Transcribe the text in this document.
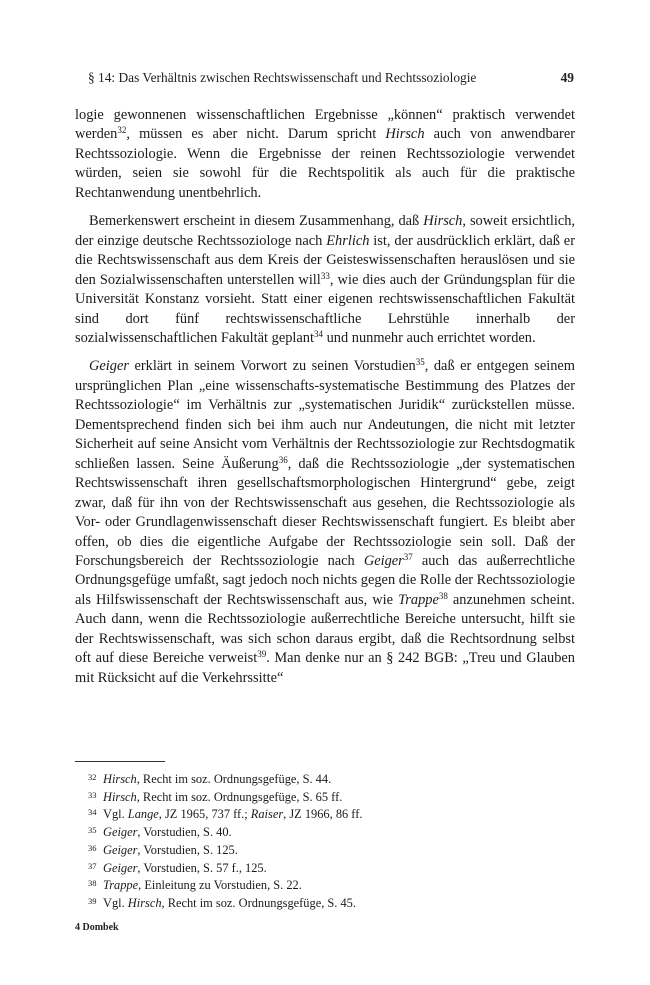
§ 14: Das Verhältnis zwischen Rechtswissenschaft und Rechtssoziologie	49

logie gewonnenen wissenschaftlichen Ergebnisse „können“ praktisch verwendet werden$^{32}$, müssen es aber nicht. Darum spricht Hirsch auch von anwendbarer Rechtssoziologie. Wenn die Ergebnisse der reinen Rechtssoziologie verwendet würden, seien sie sowohl für die Rechtspolitik als auch für die praktische Rechtanwendung unentbehrlich.

Bemerkenswert erscheint in diesem Zusammenhang, daß Hirsch, soweit ersichtlich, der einzige deutsche Rechtssoziologe nach Ehrlich ist, der ausdrücklich erklärt, daß er die Rechtswissenschaft aus dem Kreis der Geisteswissenschaften herauslösen und sie den Sozialwissenschaften unterstellen will$^{33}$, wie dies auch der Gründungsplan für die Universität Konstanz vorsieht. Statt einer eigenen rechtswissenschaftlichen Fakultät sind dort fünf rechtswissenschaftliche Lehrstühle innerhalb der sozialwissenschaftlichen Fakultät geplant$^{34}$ und nunmehr auch errichtet worden.

Geiger erklärt in seinem Vorwort zu seinen Vorstudien$^{35}$, daß er entgegen seinem ursprünglichen Plan „eine wissenschafts-systematische Bestimmung des Platzes der Rechtssoziologie“ im Verhältnis zur „systematischen Juridik“ zurückstellen müsse. Dementsprechend finden sich bei ihm auch nur Andeutungen, die nicht mit letzter Sicherheit auf seine Ansicht vom Verhältnis der Rechtssoziologie zur Rechtsdogmatik schließen lassen. Seine Äußerung$^{36}$, daß die Rechtssoziologie „der systematischen Rechtswissenschaft ihren gesellschaftsmorphologischen Hintergrund“ gebe, zeigt zwar, daß für ihn von der Rechtswissenschaft aus gesehen, die Rechtssoziologie als Vor- oder Grundlagenwissenschaft dieser Rechtswissenschaft fungiert. Es bleibt aber offen, ob dies die eigentliche Aufgabe der Rechtssoziologie sein soll. Daß der Forschungsbereich der Rechtssoziologie nach Geiger$^{37}$ auch das außerrechtliche Ordnungsgefüge umfaßt, sagt jedoch noch nichts gegen die Rolle der Rechtssoziologie als Hilfswissenschaft der Rechtswissenschaft aus, wie Trappe$^{38}$ anzunehmen scheint. Auch dann, wenn die Rechtssoziologie außerrechtliche Bereiche untersucht, hilft sie der Rechtswissenschaft, was sich schon daraus ergibt, daß die Rechtsordnung selbst oft auf diese Bereiche verweist$^{39}$. Man denke nur an § 242 BGB: „Treu und Glauben mit Rücksicht auf die Verkehrssitte“

32 Hirsch, Recht im soz. Ordnungsgefüge, S. 44.
33 Hirsch, Recht im soz. Ordnungsgefüge, S. 65 ff.
34 Vgl. Lange, JZ 1965, 737 ff.; Raiser, JZ 1966, 86 ff.
35 Geiger, Vorstudien, S. 40.
36 Geiger, Vorstudien, S. 125.
37 Geiger, Vorstudien, S. 57 f., 125.
38 Trappe, Einleitung zu Vorstudien, S. 22.
39 Vgl. Hirsch, Recht im soz. Ordnungsgefüge, S. 45.
4 Dombek
